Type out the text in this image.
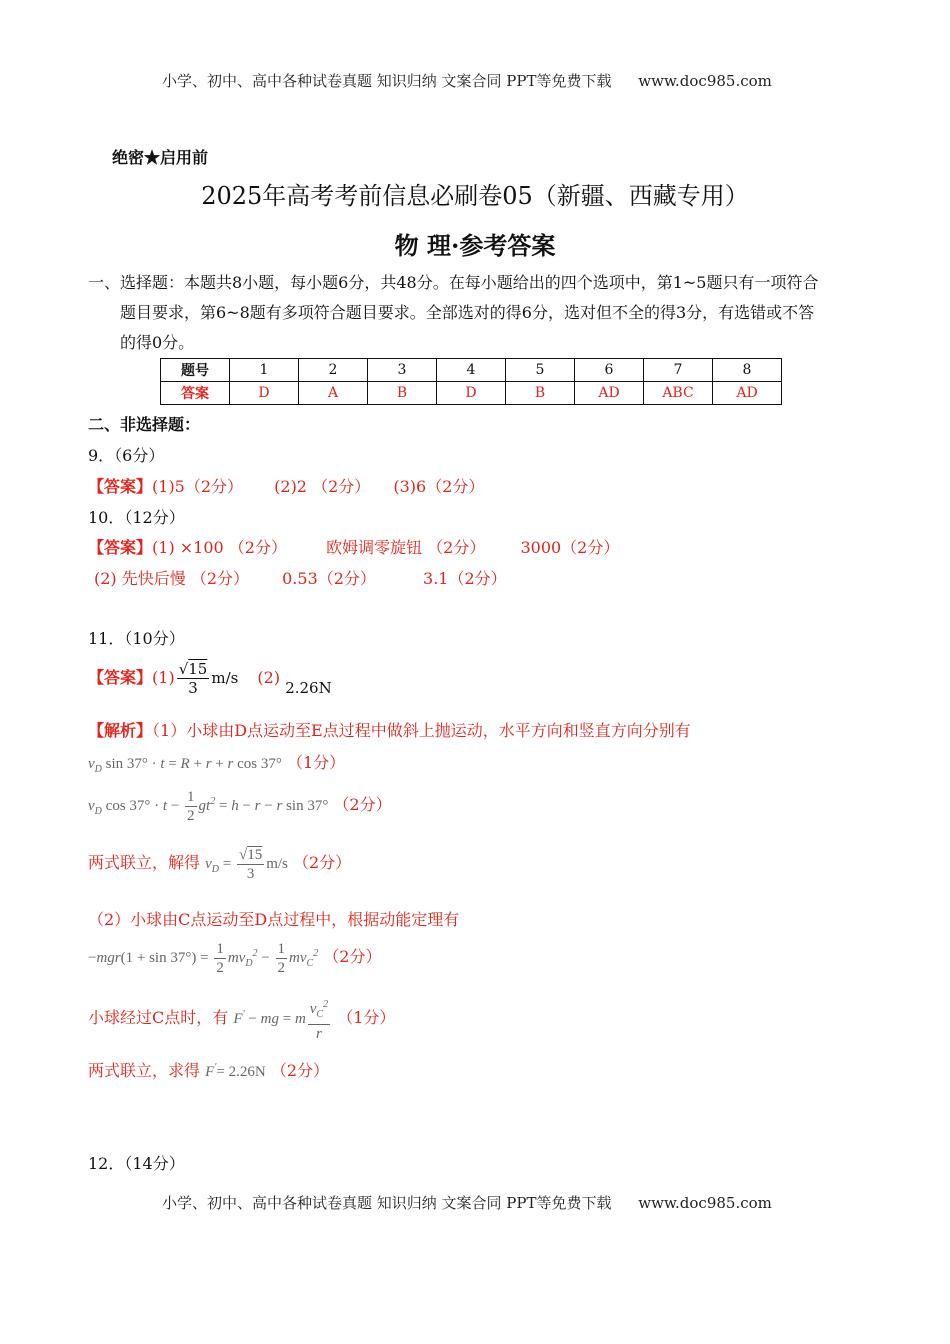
小学、初中、高中各种试卷真题 知识归纳 文案合同 PPT等免费下载 www.doc985.com
绝密★启用前
2025年高考考前信息必刷卷05（新疆、西藏专用）
物 理·参考答案
一、选择题：本题共8小题，每小题6分，共48分。在每小题给出的四个选项中，第1~5题只有一项符合
题目要求，第6~8题有多项符合题目要求。全部选对的得6分，选对但不全的得3分，有选错或不答
的得0分。
题号	1	2	3	4	5	6	7	8
答案	D	A	B	D	B	AD	ABC	AD
二、非选择题：
9．（6分）
【答案】(1)5（2分） (2)2 （2分） (3)6（2分）
10．（12分）
【答案】(1) ×100 （2分） 欧姆调零旋钮 （2分） 3000（2分）
(2) 先快后慢 （2分） 0.53（2分）	3.1（2分）
11．（10分）
【答案】$(1) \frac{√15}{3} m/s$ (2) 2.26N
【解析】（1）小球由D点运动至E点过程中做斜上抛运动，水平方向和竖直方向分别有
$v_D$ sin 37° · t = R + r + r cos 37° （1分）
$v_D$ $\cos 37^\circ \cdot t - \frac{1}{2} gt^2 = h - r - r$ sin 37° （2分）
两式联立，解得 $v_D = \frac{√15}{3} m/s$ （2分）
（2）小球由C点运动至D点过程中，根据动能定理有
$-mgr(1 + \sin 37^\circ) = \frac{1}{2} mv_D^2 - \frac{1}{2} mv_C^2$ （2分）
小球经过C点时，有 F' − mg = m $\frac{v_C^2}{r} (1$分）
两式联立，求得 F'= 2.26N （2分）
12．（14分）
小学、初中、高中各种试卷真题 知识归纳 文案合同 PPT等免费下载 www.doc985.com
